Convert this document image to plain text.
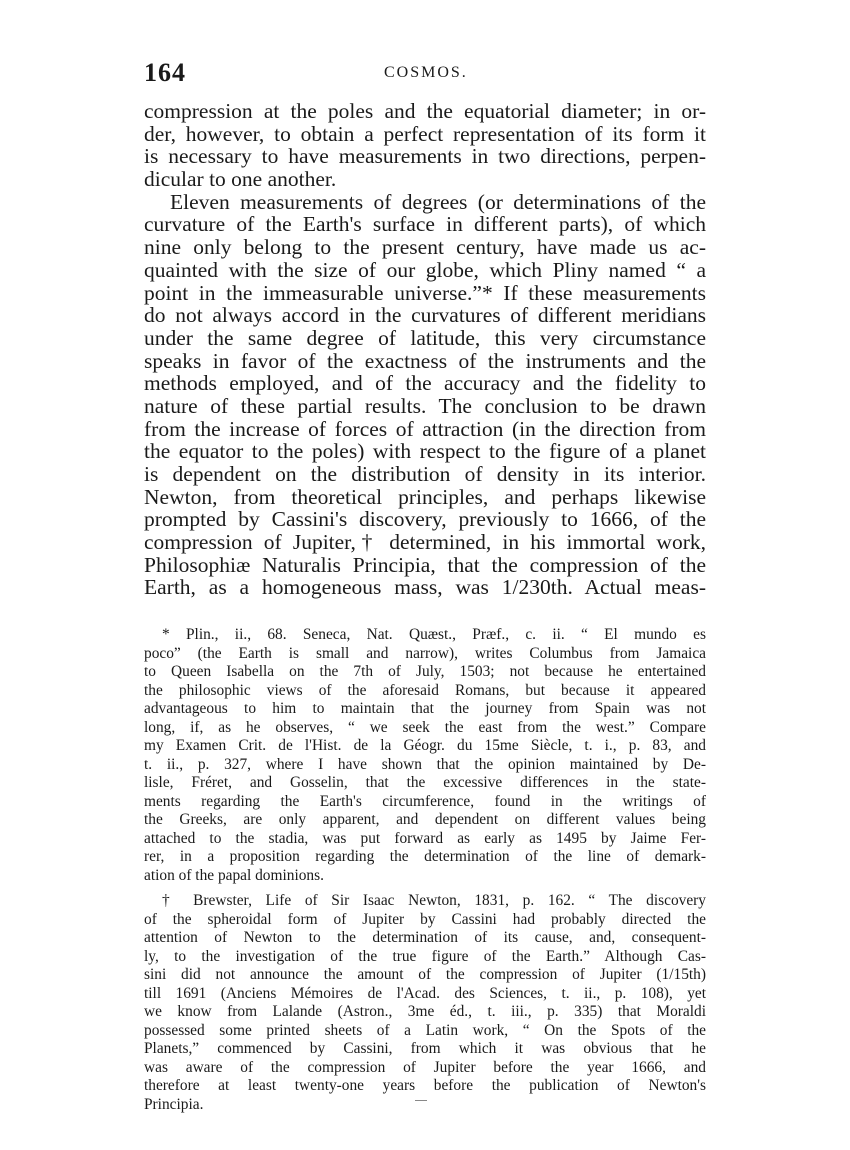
164	COSMOS.
compression at the poles and the equatorial diameter; in or-
der, however, to obtain a perfect representation of its form it
is necessary to have measurements in two directions, perpen-
dicular to one another.
Eleven measurements of degrees (or determinations of the
curvature of the Earth's surface in different parts), of which
nine only belong to the present century, have made us ac-
quainted with the size of our globe, which Pliny named “ a
point in the immeasurable universe.”* If these measurements
do not always accord in the curvatures of different meridians
under the same degree of latitude, this very circumstance
speaks in favor of the exactness of the instruments and the
methods employed, and of the accuracy and the fidelity to
nature of these partial results. The conclusion to be drawn
from the increase of forces of attraction (in the direction from
the equator to the poles) with respect to the figure of a planet
is dependent on the distribution of density in its interior.
Newton, from theoretical principles, and perhaps likewise
prompted by Cassini's discovery, previously to 1666, of the
compression of Jupiter,† determined, in his immortal work,
Philosophiæ Naturalis Principia, that the compression of the
Earth, as a homogeneous mass, was 1/230th. Actual meas-
* Plin., ii., 68. Seneca, Nat. Quæst., Præf., c. ii. “ El mundo es
poco” (the Earth is small and narrow), writes Columbus from Jamaica
to Queen Isabella on the 7th of July, 1503; not because he entertained
the philosophic views of the aforesaid Romans, but because it appeared
advantageous to him to maintain that the journey from Spain was not
long, if, as he observes, “ we seek the east from the west.” Compare
my Examen Crit. de l'Hist. de la Géogr. du 15me Siècle, t. i., p. 83, and
t. ii., p. 327, where I have shown that the opinion maintained by De-
lisle, Fréret, and Gosselin, that the excessive differences in the state-
ments regarding the Earth's circumference, found in the writings of
the Greeks, are only apparent, and dependent on different values being
attached to the stadia, was put forward as early as 1495 by Jaime Fer-
rer, in a proposition regarding the determination of the line of demark-
ation of the papal dominions.
† Brewster, Life of Sir Isaac Newton, 1831, p. 162. “ The discovery
of the spheroidal form of Jupiter by Cassini had probably directed the
attention of Newton to the determination of its cause, and, consequent-
ly, to the investigation of the true figure of the Earth.” Although Cas-
sini did not announce the amount of the compression of Jupiter (1/15th)
till 1691 (Anciens Mémoires de l'Acad. des Sciences, t. ii., p. 108), yet
we know from Lalande (Astron., 3me éd., t. iii., p. 335) that Moraldi
possessed some printed sheets of a Latin work, “ On the Spots of the
Planets,” commenced by Cassini, from which it was obvious that he
was aware of the compression of Jupiter before the year 1666, and
therefore at least twenty-one years before the publication of Newton's
Principia.
